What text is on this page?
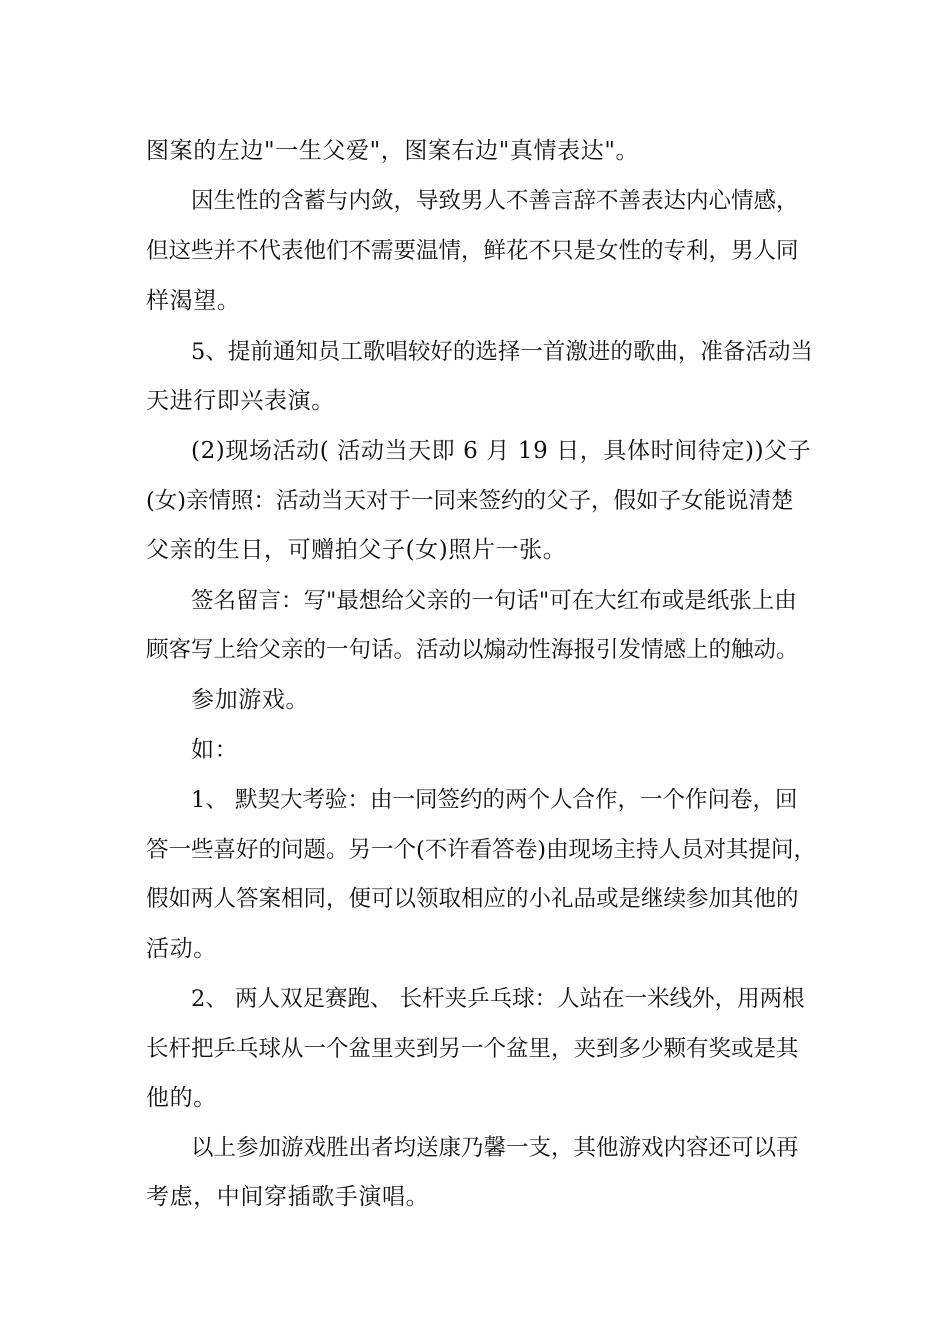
图案的左边"一生父爱"，图案右边"真情表达"。

因生性的含蓄与内敛，导致男人不善言辞不善表达内心情感，

但这些并不代表他们不需要温情，鲜花不只是女性的专利，男人同

样渴望。

5、提前通知员工歌唱较好的选择一首激进的歌曲，准备活动当

天进行即兴表演。

(2)现场活动( 活动当天即 6 月 19 日，具体时间待定))父子

(女)亲情照：活动当天对于一同来签约的父子，假如子女能说清楚

父亲的生日，可赠拍父子(女)照片一张。

签名留言：写"最想给父亲的一句话"可在大红布或是纸张上由

顾客写上给父亲的一句话。活动以煽动性海报引发情感上的触动。

参加游戏。

如：

1、 默契大考验：由一同签约的两个人合作，一个作问卷，回

答一些喜好的问题。另一个(不许看答卷)由现场主持人员对其提问，

假如两人答案相同，便可以领取相应的小礼品或是继续参加其他的

活动。

2、 两人双足赛跑、 长杆夹乒乓球：人站在一米线外，用两根

长杆把乒乓球从一个盆里夹到另一个盆里，夹到多少颗有奖或是其

他的。

以上参加游戏胜出者均送康乃馨一支，其他游戏内容还可以再

考虑，中间穿插歌手演唱。
